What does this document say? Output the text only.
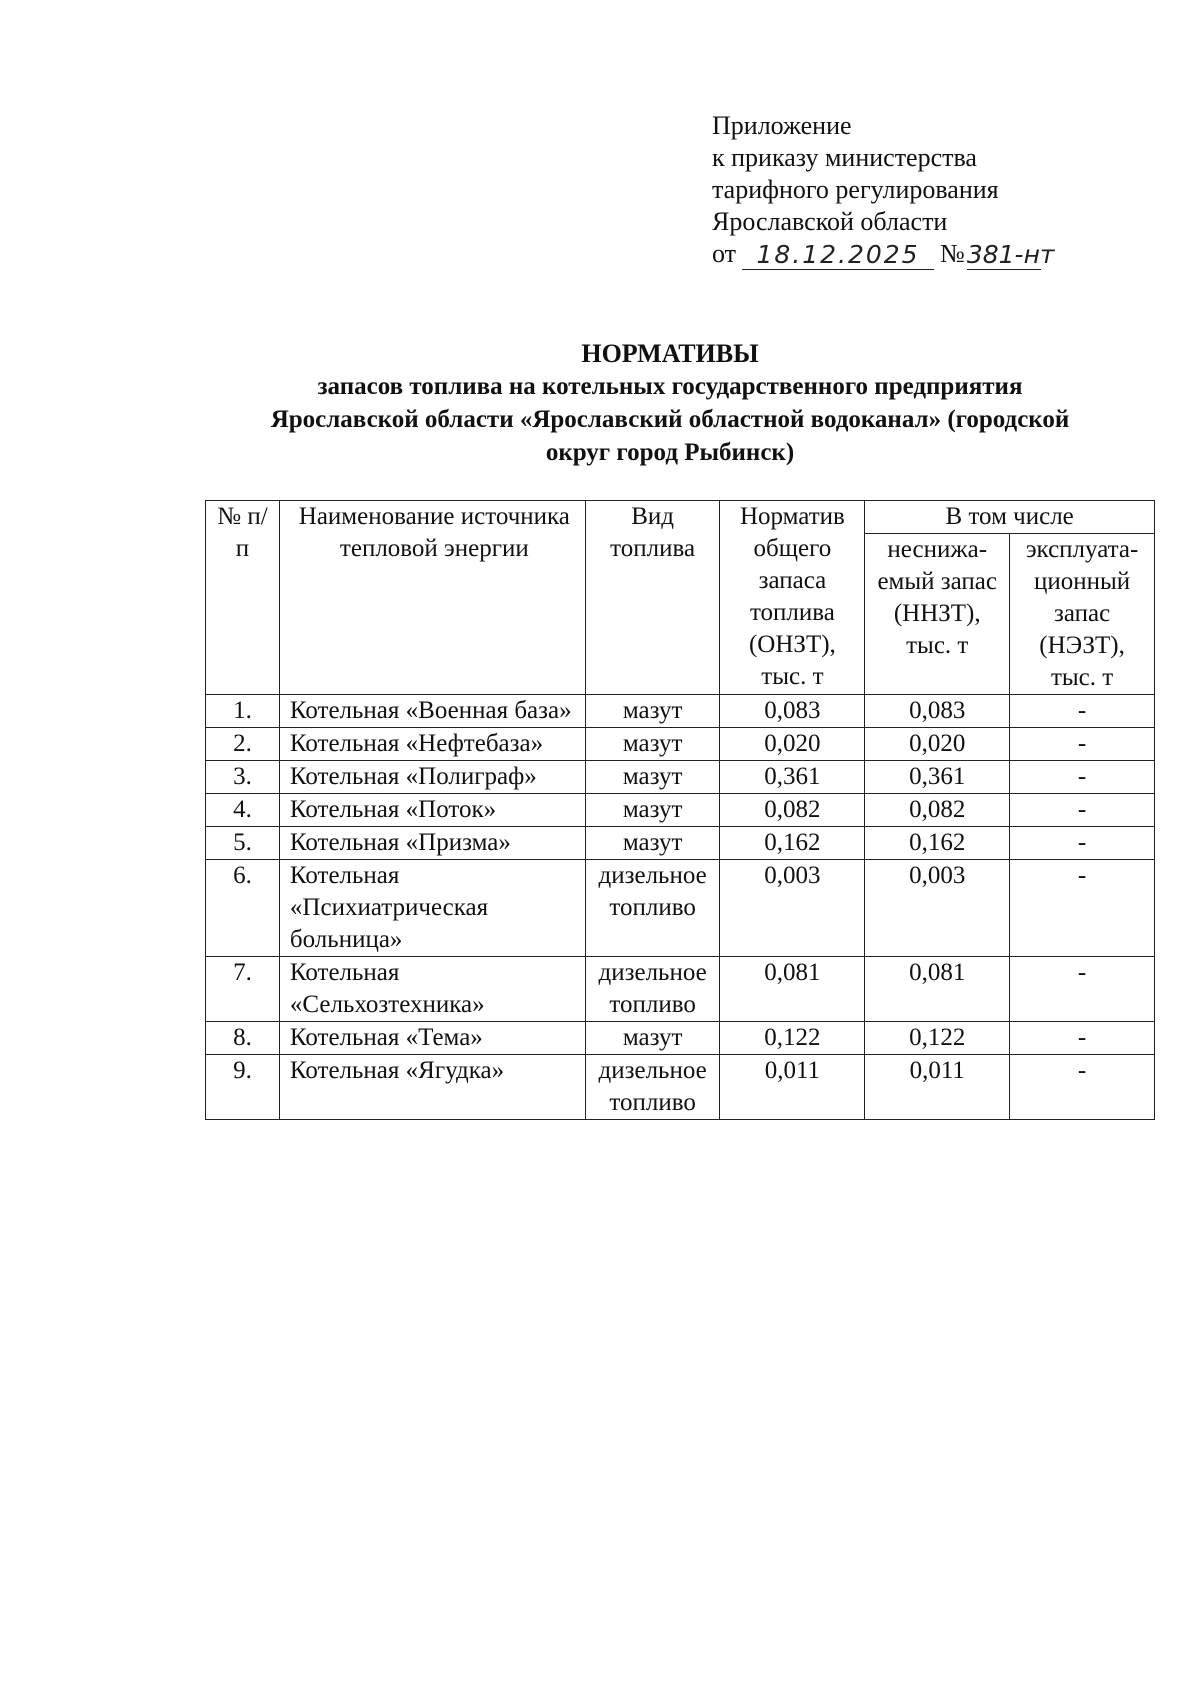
Приложение
к приказу министерства
тарифного регулирования
Ярославской области
от 18.12.2025 № 381-нт
НОРМАТИВЫ
запасов топлива на котельных государственного предприятия
Ярославской области «Ярославский областной водоканал» (городской
округ город Рыбинск)
№ п/п	Наименование источника тепловой энергии	Вид топлива	Норматив общего запаса топлива (ОНЗТ), тыс. т	В том числе	
				неснижа-емый запас (ННЗТ), тыс. т	эксплуата-ционный запас (НЭЗТ), тыс. т
1.	Котельная «Военная база»	мазут	0,083	0,083	-
2.	Котельная «Нефтебаза»	мазут	0,020	0,020	-
3.	Котельная «Полиграф»	мазут	0,361	0,361	-
4.	Котельная «Поток»	мазут	0,082	0,082	-
5.	Котельная «Призма»	мазут	0,162	0,162	-
6.	Котельная «Психиатрическая больница»	дизельное топливо	0,003	0,003	-
7.	Котельная «Сельхозтехника»	дизельное топливо	0,081	0,081	-
8.	Котельная «Тема»	мазут	0,122	0,122	-
9.	Котельная «Ягудка»	дизельное топливо	0,011	0,011	-
